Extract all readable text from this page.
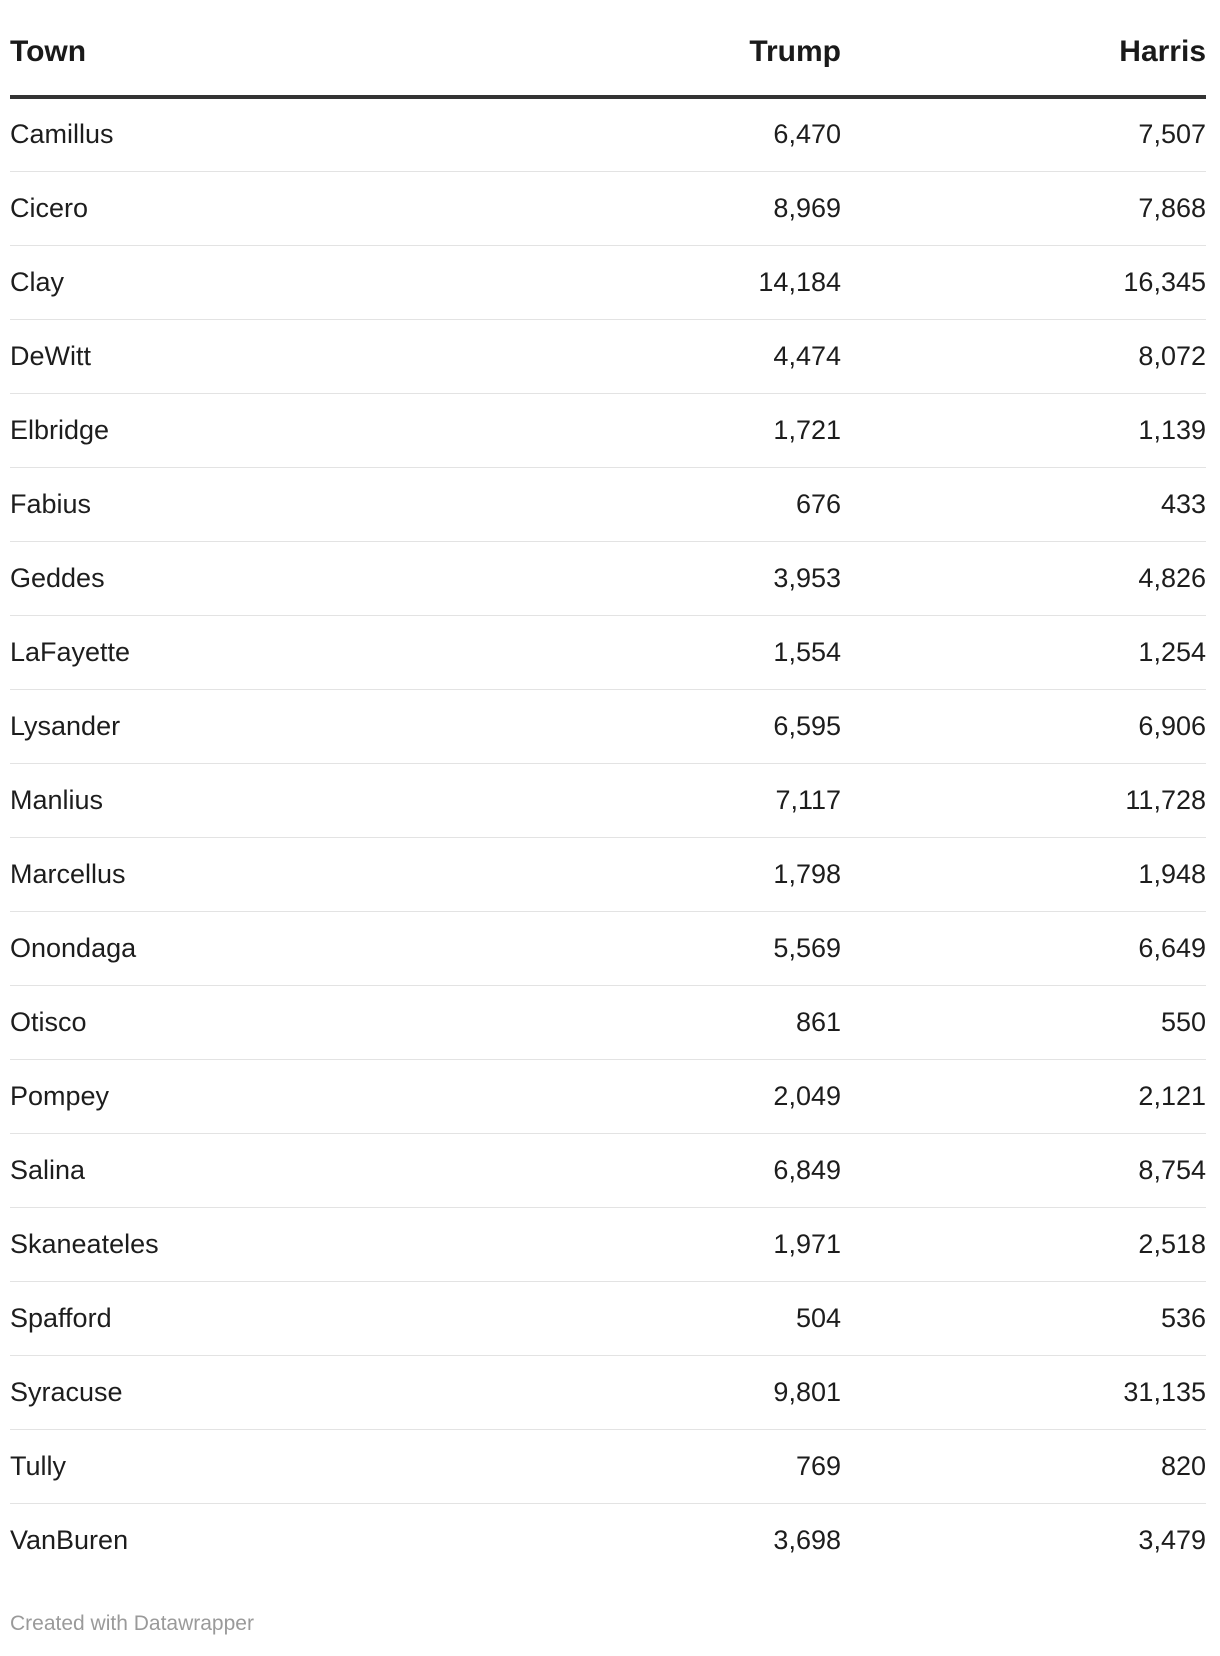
Town	Trump	Harris
Camillus	6,470	7,507
Cicero	8,969	7,868
Clay	14,184	16,345
DeWitt	4,474	8,072
Elbridge	1,721	1,139
Fabius	676	433
Geddes	3,953	4,826
LaFayette	1,554	1,254
Lysander	6,595	6,906
Manlius	7,117	11,728
Marcellus	1,798	1,948
Onondaga	5,569	6,649
Otisco	861	550
Pompey	2,049	2,121
Salina	6,849	8,754
Skaneateles	1,971	2,518
Spafford	504	536
Syracuse	9,801	31,135
Tully	769	820
VanBuren	3,698	3,479
Created with Datawrapper
